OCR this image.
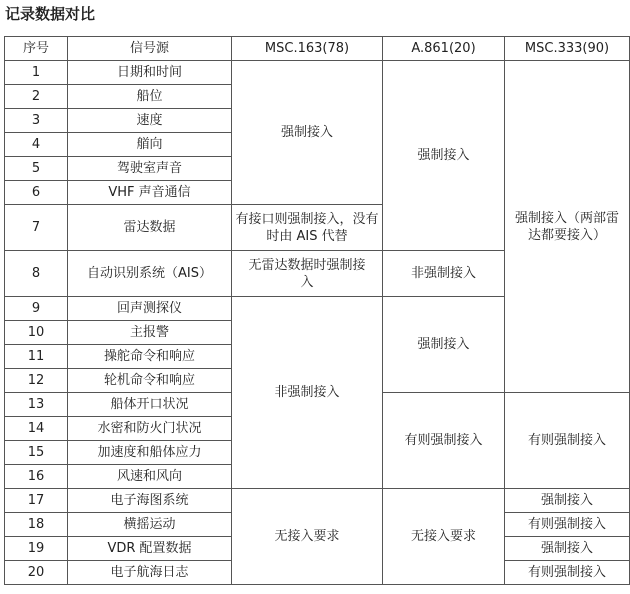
记录数据对比
序号	信号源	MSC.163(78)	A.861(20)	MSC.333(90)
1	日期和时间	强制接入	强制接入	强制接入（两部雷达都要接入）
2	船位			
3	速度			
4	艏向			
5	驾驶室声音			
6	VHF 声音通信			
7	雷达数据	有接口则强制接入，没有时由 AIS 代替		
8	自动识别系统（AIS）	无雷达数据时强制接入	非强制接入	
9	回声测探仪	非强制接入	强制接入	
10	主报警			
11	操舵命令和响应			
12	轮机命令和响应			
13	船体开口状况		有则强制接入	有则强制接入
14	水密和防火门状况			
15	加速度和船体应力			
16	风速和风向			
17	电子海图系统	无接入要求	无接入要求	强制接入
18	横摇运动			有则强制接入
19	VDR 配置数据			强制接入
20	电子航海日志			有则强制接入
